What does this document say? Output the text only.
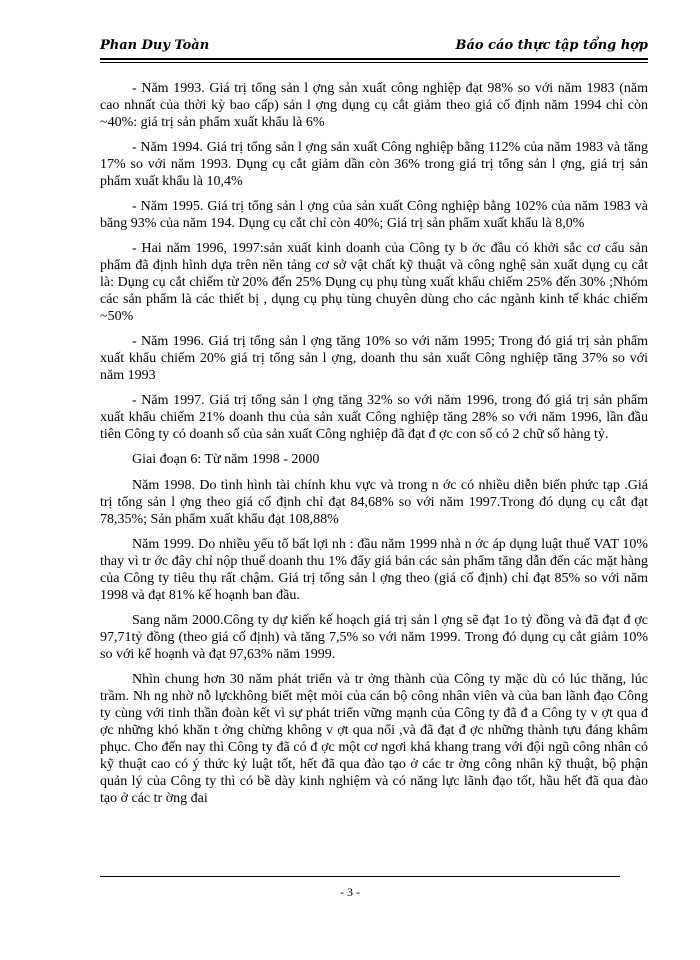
Phan Duy Toàn	Báo cáo thực tập tổng hợp

- Năm 1993. Giá trị tổng sản l ợng sản xuất công nghiệp đạt 98% so với năm 1983 (năm cao nhnất của thời kỳ bao cấp) sản l ợng dụng cụ cắt giảm theo giá cố định năm 1994 chỉ còn ~40%: giá trị sản phẩm xuất khẩu là 6%

- Năm 1994. Giá trị tổng sản l ợng sản xuất Công nghiệp bằng 112% của năm 1983 và tăng 17% so với năm 1993. Dụng cụ cắt giảm dần còn 36% trong giá trị tổng sản l ợng, giá trị sản phẩm xuất khẩu là 10,4%

- Năm 1995. Giá trị tổng sản l ợng của sản xuất Công nghiệp bằng 102% của năm 1983 và băng 93% của năm 194. Dụng cụ cắt chỉ còn 40%; Giá trị sản phẩm xuất khẩu là 8,0%

- Hai năm 1996, 1997:sản xuất kinh doanh của Công ty b ớc đầu có khởi sắc cơ cấu sản phẩm đã định hình dựa trên nền tảng cơ sở vật chất kỹ thuật và công nghệ sản xuất dụng cụ cắt là: Dụng cụ cắt chiếm từ 20% đến 25% Dụng cụ phụ tùng xuất khẩu chiếm 25% đến 30% ;Nhóm các sản phẩm là các thiết bị , dụng cụ phụ tùng chuyên dùng cho các ngành kinh tế khác chiếm ~50%

- Năm 1996. Giá trị tổng sản l ợng tăng 10% so với năm 1995; Trong đó giá trị sản phẩm xuất khẩu chiếm 20% giá trị tổng sản l ợng, doanh thu sản xuất Công nghiệp tăng 37% so với năm 1993

- Năm 1997. Giá trị tổng sản l ợng tăng 32% so với năm 1996, trong đó giá trị sản phẩm xuất khẩu chiếm 21% doanh thu của sản xuất Công nghiệp tăng 28% so với năm 1996, lần đầu tiên Công ty có doanh số của sản xuất Công nghiệp đã đạt đ ợc con số có 2 chữ số hàng tỷ.

Giai đoạn 6: Từ năm 1998 - 2000

Năm 1998. Do tình hình tài chính khu vực và trong n ớc có nhiều diễn biến phức tạp .Giá trị tổng sản l ợng theo giá cố định chỉ đạt 84,68% so với năm 1997.Trong đó dụng cụ cắt đạt 78,35%; Sản phẩm xuất khẩu đạt 108,88%

Năm 1999. Do nhiều yếu tố bất lợi nh : đầu năm 1999 nhà n ớc áp dụng luật thuế VAT 10% thay vì tr ớc đây chỉ nộp thuế doanh thu 1% đẩy giá bán các sản phẩm tăng dẫn đến các mặt hàng của Công ty tiêu thụ rất chậm. Giá trị tổng sản l ợng theo (giá cố định) chỉ đạt 85% so với năm 1998 và đạt 81% kế hoạnh ban đầu.

Sang năm 2000.Công ty dự kiến kế hoạch giá trị sản l ợng sẽ đạt 1o tỷ đồng và đã đạt đ ợc 97,71tỷ đồng (theo giá cố định) và tăng 7,5% so với năm 1999. Trong đó dụng cụ cắt giảm 10% so với kế hoạnh và đạt 97,63% năm 1999.

Nhìn chung hơn 30 năm phát triển và tr ởng thành của Công ty mặc dù có lúc thăng, lúc trầm. Nh ng nhờ nỗ lựckhông biết mệt mỏi của cán bộ công nhân viên và của ban lãnh đạo Công ty cùng với tinh thần đoàn kết vì sự phát triển vững mạnh của Công ty đã đ a Công ty v ợt qua đ ợc những khó khăn t ởng chừng không v ợt qua nổi ,và đã đạt đ ợc những thành tựu đáng khâm phục. Cho đến nay thì Công ty đã có đ ợc một cơ ngơi khá khang trang với đội ngũ công nhân có kỹ thuật cao có ý thức kỷ luật tốt, hết đã qua đào tạo ở các tr ờng công nhân kỹ thuật, bộ phận quản lý của Công ty thì có bề dày kinh nghiệm và có năng lực lãnh đạo tốt, hầu hết đã qua đào tạo ở các tr ờng đai

- 3 -
